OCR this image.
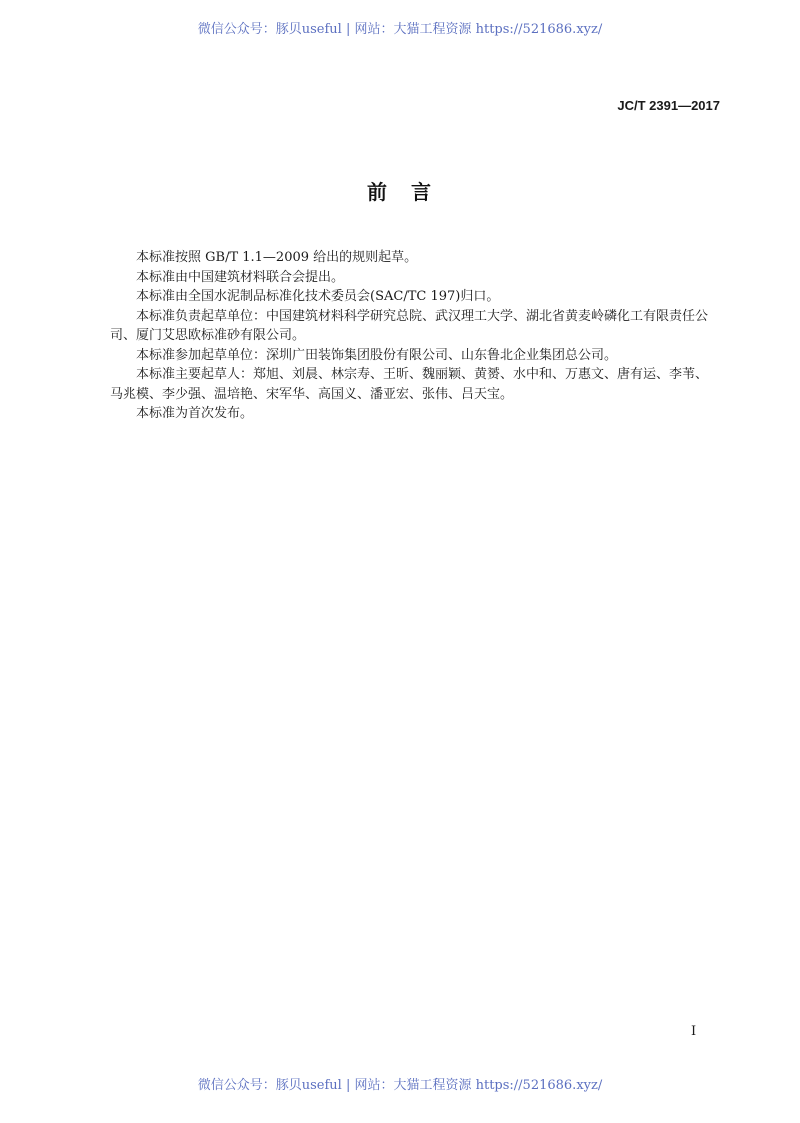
微信公众号：豚贝useful | 网站：大猫工程资源 https://521686.xyz/
JC/T 2391—2017
前　言

本标准按照 GB/T 1.1—2009 给出的规则起草。

本标准由中国建筑材料联合会提出。

本标准由全国水泥制品标准化技术委员会(SAC/TC 197)归口。

本标准负责起草单位：中国建筑材料科学研究总院、武汉理工大学、湖北省黄麦岭磷化工有限责任公司、厦门艾思欧标准砂有限公司。

本标准参加起草单位：深圳广田装饰集团股份有限公司、山东鲁北企业集团总公司。

本标准主要起草人：郑旭、刘晨、林宗寿、王昕、魏丽颖、黄赟、水中和、万惠文、唐有运、李苇、马兆模、李少强、温培艳、宋军华、高国义、潘亚宏、张伟、吕天宝。

本标准为首次发布。

I
微信公众号：豚贝useful | 网站：大猫工程资源 https://521686.xyz/
